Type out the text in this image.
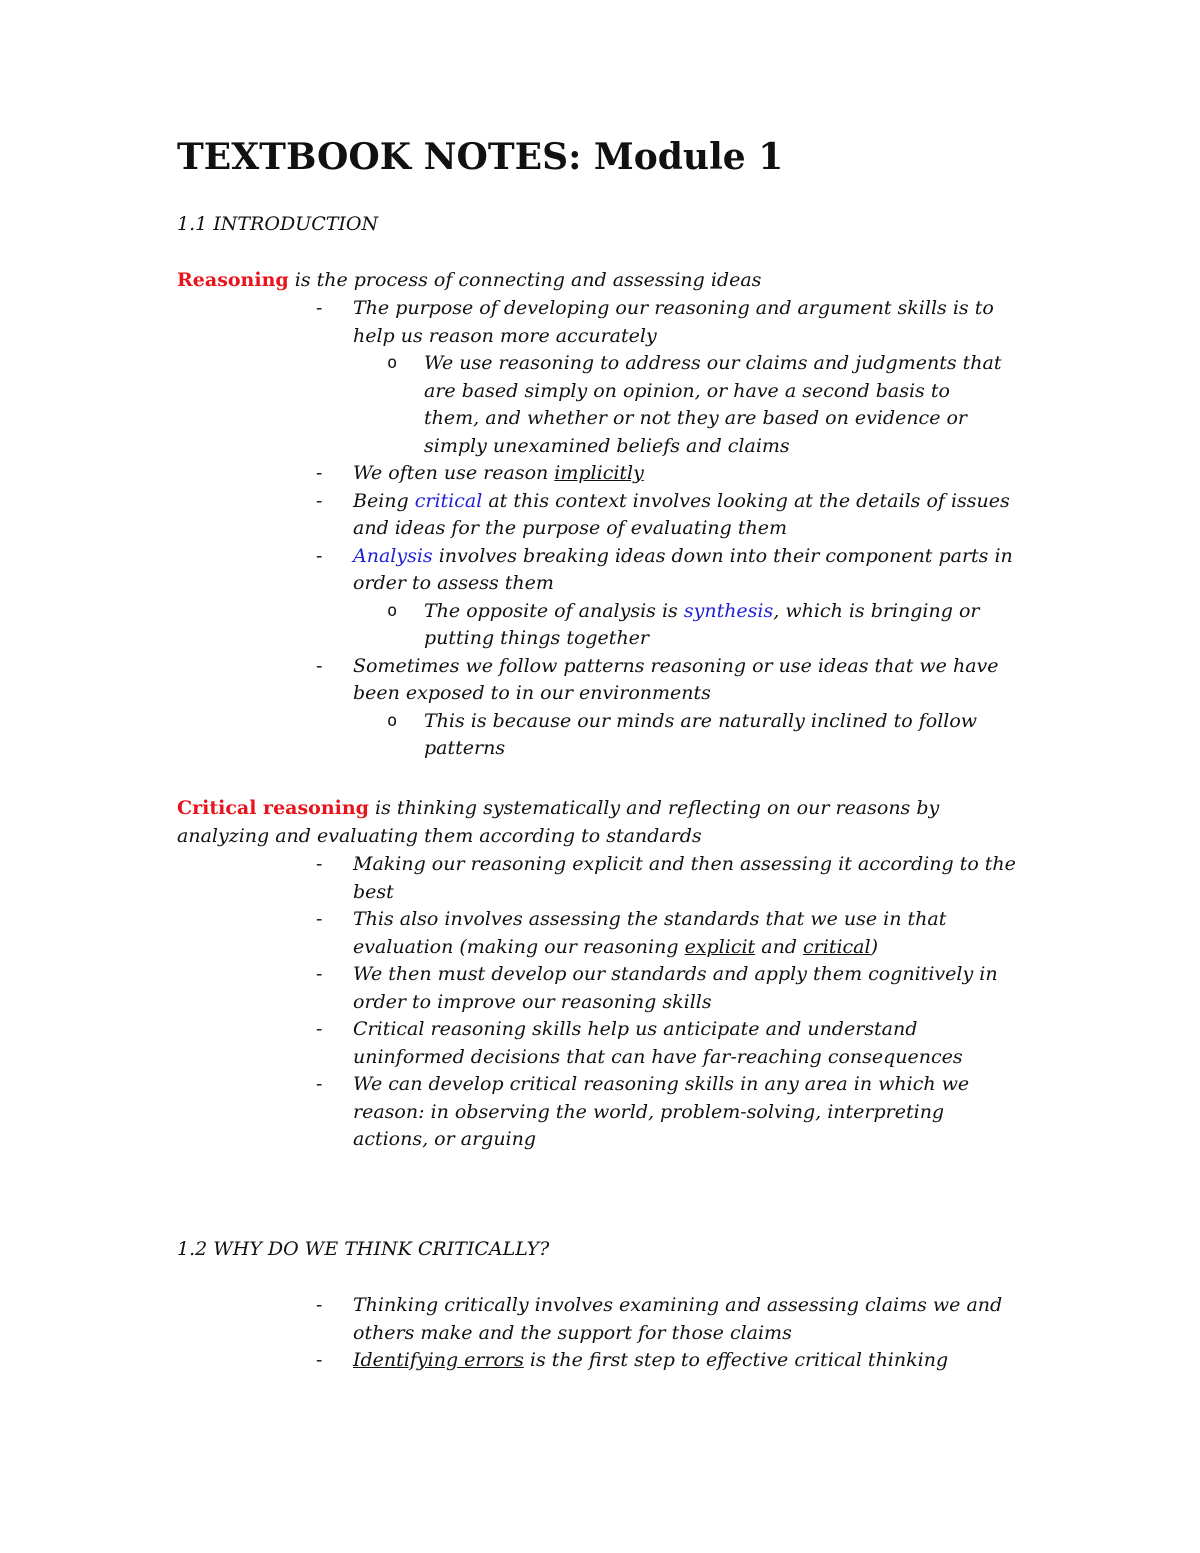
TEXTBOOK NOTES: Module 1

1.1 INTRODUCTION

Reasoning is the process of connecting and assessing ideas

- The purpose of developing our reasoning and argument skills is to help us reason more accurately
o We use reasoning to address our claims and judgments that are based simply on opinion, or have a second basis to them, and whether or not they are based on evidence or simply unexamined beliefs and claims
- We often use reason implicitly
- Being critical at this context involves looking at the details of issues and ideas for the purpose of evaluating them
- Analysis involves breaking ideas down into their component parts in order to assess them
o The opposite of analysis is synthesis, which is bringing or putting things together
- Sometimes we follow patterns reasoning or use ideas that we have been exposed to in our environments
o This is because our minds are naturally inclined to follow patterns

Critical reasoning is thinking systematically and reflecting on our reasons by analyzing and evaluating them according to standards

- Making our reasoning explicit and then assessing it according to the best
- This also involves assessing the standards that we use in that evaluation (making our reasoning explicit and critical)
- We then must develop our standards and apply them cognitively in order to improve our reasoning skills
- Critical reasoning skills help us anticipate and understand uninformed decisions that can have far-reaching consequences
- We can develop critical reasoning skills in any area in which we reason: in observing the world, problem-solving, interpreting actions, or arguing

1.2 WHY DO WE THINK CRITICALLY?

- Thinking critically involves examining and assessing claims we and others make and the support for those claims
- Identifying errors is the first step to effective critical thinking
